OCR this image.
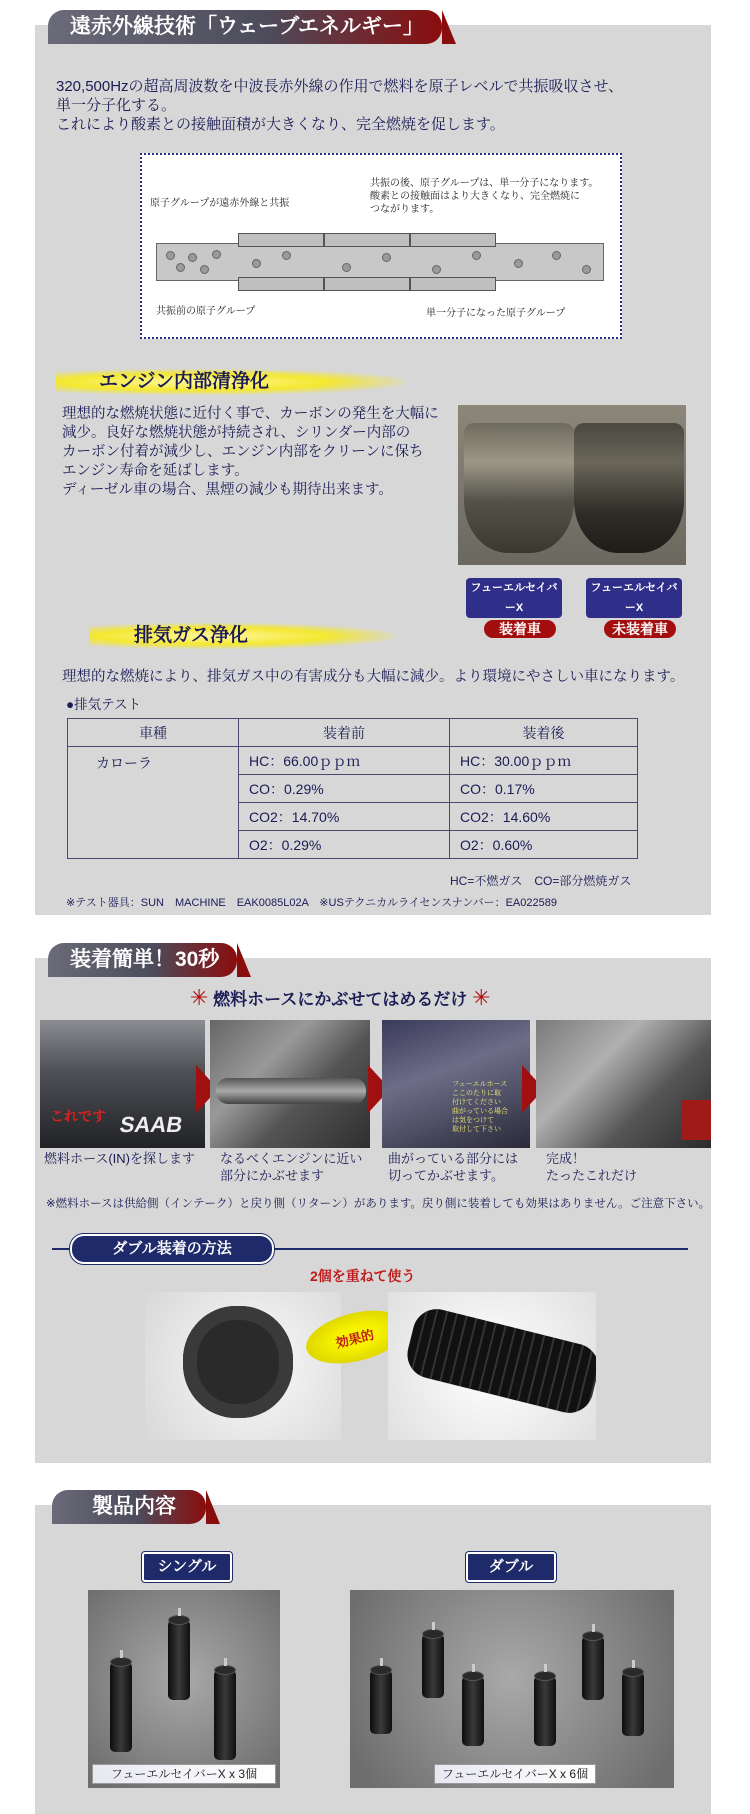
遠赤外線技術「ウェーブエネルギー」
320,500Hzの超高周波数を中波長赤外線の作用で燃料を原子レベルで共振吸収させ、
単一分子化する。
これにより酸素との接触面積が大きくなり、完全燃焼を促します。
原子グループが遠赤外線と共振
共振の後、原子グループは、単一分子になります。
酸素との接触面はより大きくなり、完全燃焼に
つながります。
共振前の原子グループ	単一分子になった原子グループ
エンジン内部清浄化
理想的な燃焼状態に近付く事で、カーボンの発生を大幅に
減少。良好な燃焼状態が持続され、シリンダー内部の
カーボン付着が減少し、エンジン内部をクリーンに保ち
エンジン寿命を延ばします。
ディーゼル車の場合、黒煙の減少も期待出来ます。
フューエルセイバーX
装着車
フューエルセイバーX
未装着車
排気ガス浄化
理想的な燃焼により、排気ガス中の有害成分も大幅に減少。より環境にやさしい車になります。
●排気テスト
車種	装着前	装着後
カローラ	HC：66.00ｐｐｍ	HC：30.00ｐｐｍ
	CO：0.29%	CO：0.17%
	CO2：14.70%	CO2：14.60%
	O2：0.29%	O2：0.60%
HC=不燃ガス　CO=部分燃焼ガス
※テスト器具：SUN　MACHINE　EAK0085L02A　※USテクニカルライセンスナンバー：EA022589
装着簡単！30秒
✳ 燃料ホースにかぶせてはめるだけ ✳
SAAB
これです
フューエルホース
ここのたりに取
付けてください
曲がっている場合
は気をつけて
取付して下さい
燃料ホース(IN)を探します なるべくエンジンに近い
部分にかぶせます
曲がっている部分には
切ってかぶせます。
完成！
たったこれだけ
※燃料ホースは供給側（インテーク）と戻り側（リターン）があります。戻り側に装着しても効果はありません。ご注意下さい。
ダブル装着の方法
2個を重ねて使う
効果的
製品内容
シングル	ダブル
フューエルセイバーX x 3個	フューエルセイバーX x 6個
